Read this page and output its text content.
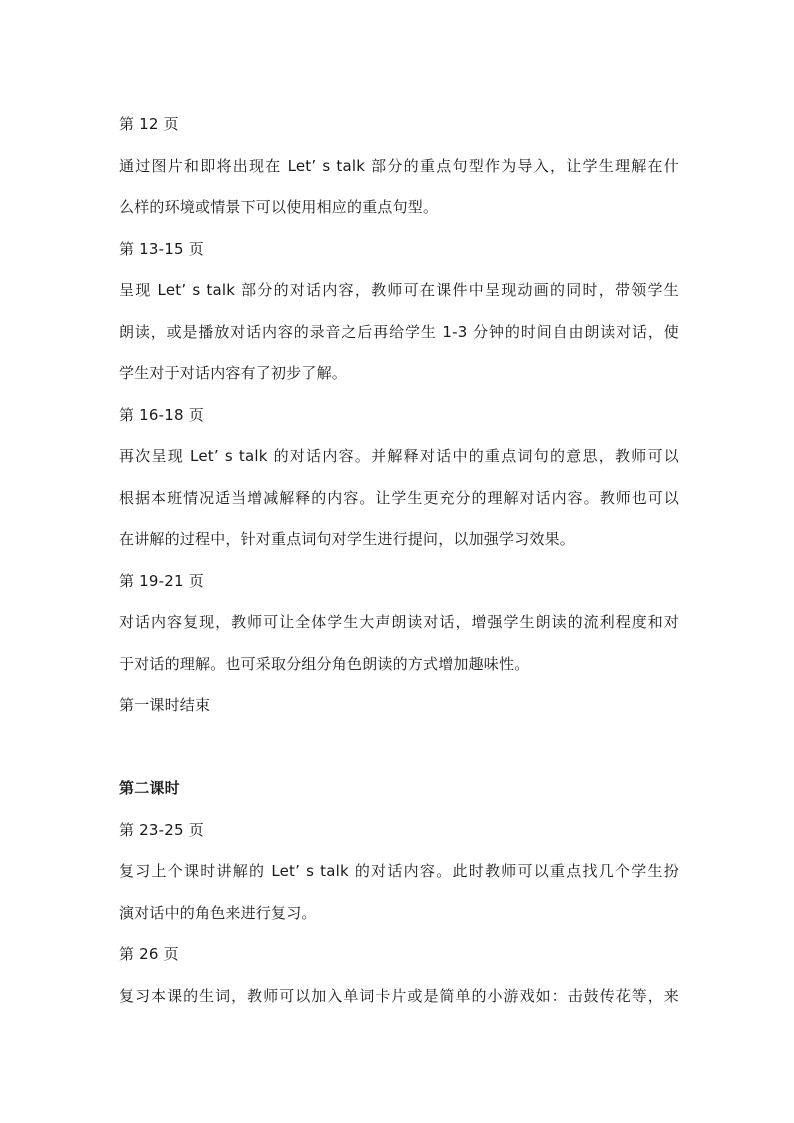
第 12 页
通过图片和即将出现在 Let’ s talk 部分的重点句型作为导入，让学生理解在什
么样的环境或情景下可以使用相应的重点句型。
第 13-15 页
呈现 Let’ s talk 部分的对话内容，教师可在课件中呈现动画的同时，带领学生
朗读，或是播放对话内容的录音之后再给学生 1-3 分钟的时间自由朗读对话，使
学生对于对话内容有了初步了解。
第 16-18 页
再次呈现 Let’ s talk 的对话内容。并解释对话中的重点词句的意思，教师可以
根据本班情况适当增减解释的内容。让学生更充分的理解对话内容。教师也可以
在讲解的过程中，针对重点词句对学生进行提问，以加强学习效果。
第 19-21 页
对话内容复现，教师可让全体学生大声朗读对话，增强学生朗读的流利程度和对
于对话的理解。也可采取分组分角色朗读的方式增加趣味性。
第一课时结束
第二课时
第 23-25 页
复习上个课时讲解的 Let’ s talk 的对话内容。此时教师可以重点找几个学生扮
演对话中的角色来进行复习。
第 26 页
复习本课的生词，教师可以加入单词卡片或是简单的小游戏如：击鼓传花等，来
